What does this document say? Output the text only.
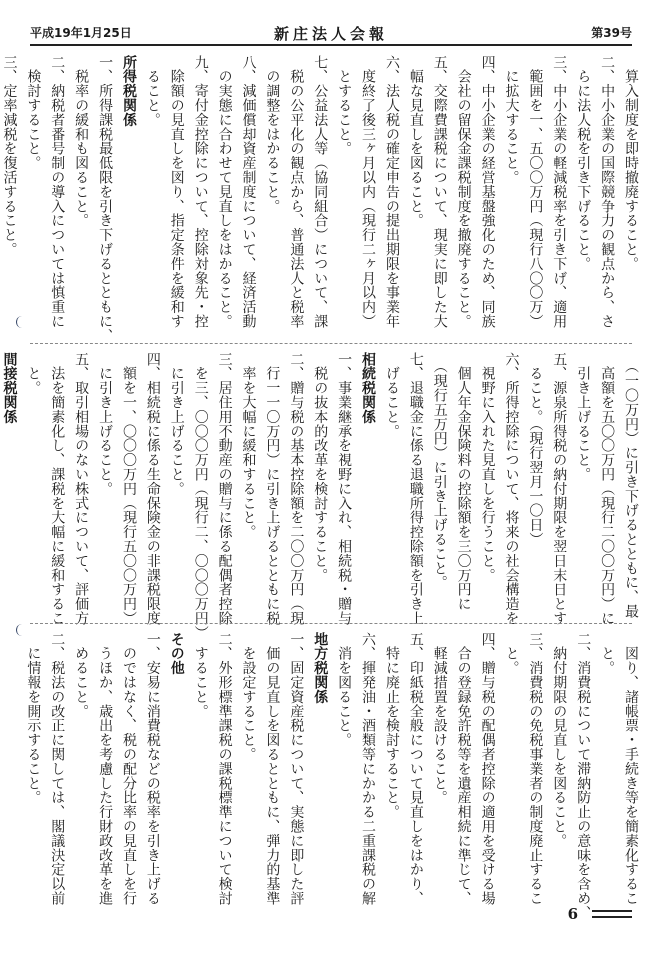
平成19年1月25日	新庄法人会報	第39号

　算入制度を即時撤廃すること。

二、中小企業の国際競争力の観点から、さ

　らに法人税を引き下げること。

三、中小企業の軽減税率を引き下げ、適用

　範囲を一、五〇〇万円（現行八〇〇万）

　に拡大すること。

四、中小企業の経営基盤強化のため、同族

　会社の留保金課税制度を撤廃すること。

五、交際費課税について、現実に即した大

　幅な見直しを図ること。

六、法人税の確定申告の提出期限を事業年

　度終了後三ヶ月以内（現行二ヶ月以内）

　とすること。

七、公益法人等（協同組合）について、課

　税の公平化の観点から、普通法人と税率

　の調整をはかること。

八、減価償却資産制度について、経済活動

　の実態に合わせて見直しをはかること。

九、寄付金控除について、控除対象先・控

　除額の見直しを図り、指定条件を緩和す

　ること。

所得税関係

一、所得課税最低限を引き下げるとともに、

　税率の緩和も図ること。

二、納税者番号制の導入については慎重に

　検討すること。

三、定率減税を復活すること。

　（一〇万円）に引き下げるとともに、最

　高額を五〇〇万円（現行二〇〇万円）に

　引き上げること。

五、源泉所得税の納付期限を翌日末日とす

　ること。（現行翌月一〇日）

六、所得控除について、将来の社会構造を

　視野に入れた見直しを行うこと。

　個人年金保険料の控除額を三〇万円に

　（現行五万円）に引き上げること。

七、退職金に係る退職所得控除額を引き上

　げること。

相続税関係

一、事業継承を視野に入れ、相続税・贈与

　税の抜本的改革を検討すること。

二、贈与税の基本控除額を二〇〇万円（現

　行一一〇万円）に引き上げるとともに税

　率を大幅に緩和すること。

三、居住用不動産の贈与に係る配偶者控除

　を三、〇〇〇万円（現行二、〇〇〇万円）

　に引き上げること。

四、相続税に係る生命保険金の非課税限度

　額を一、〇〇〇万円（現行五〇〇万円）

　に引き上げること。

五、取引相場のない株式について、評価方

　法を簡素化し、課税を大幅に緩和するこ

　と。

間接税関係

　図り、諸帳票・手続き等を簡素化するこ

　と。

二、消費税について滞納防止の意味を含め、

　納付期限の見直しを図ること。

三、消費税の免税事業者の制度廃止するこ

　と。

四、贈与税の配偶者控除の適用を受ける場

　合の登録免許税等を遺産相続に準じて、

　軽減措置を設けること。

五、印紙税全般について見直しをはかり、

　特に廃止を検討すること。

六、揮発油・酒類等にかかる二重課税の解

　消を図ること。

地方税関係

一、固定資産税について、実態に即した評

　価の見直しを図るとともに、弾力的基準

　を設定すること。

二、外形標準課税の課税標準について検討

　すること。

その他

一、安易に消費税などの税率を引き上げる

　のではなく、税の配分比率の見直しを行

　うほか、歳出を考慮した行財政改革を進

　めること。

二、税法の改正に関しては、閣議決定以前

　に情報を開示すること。

6
